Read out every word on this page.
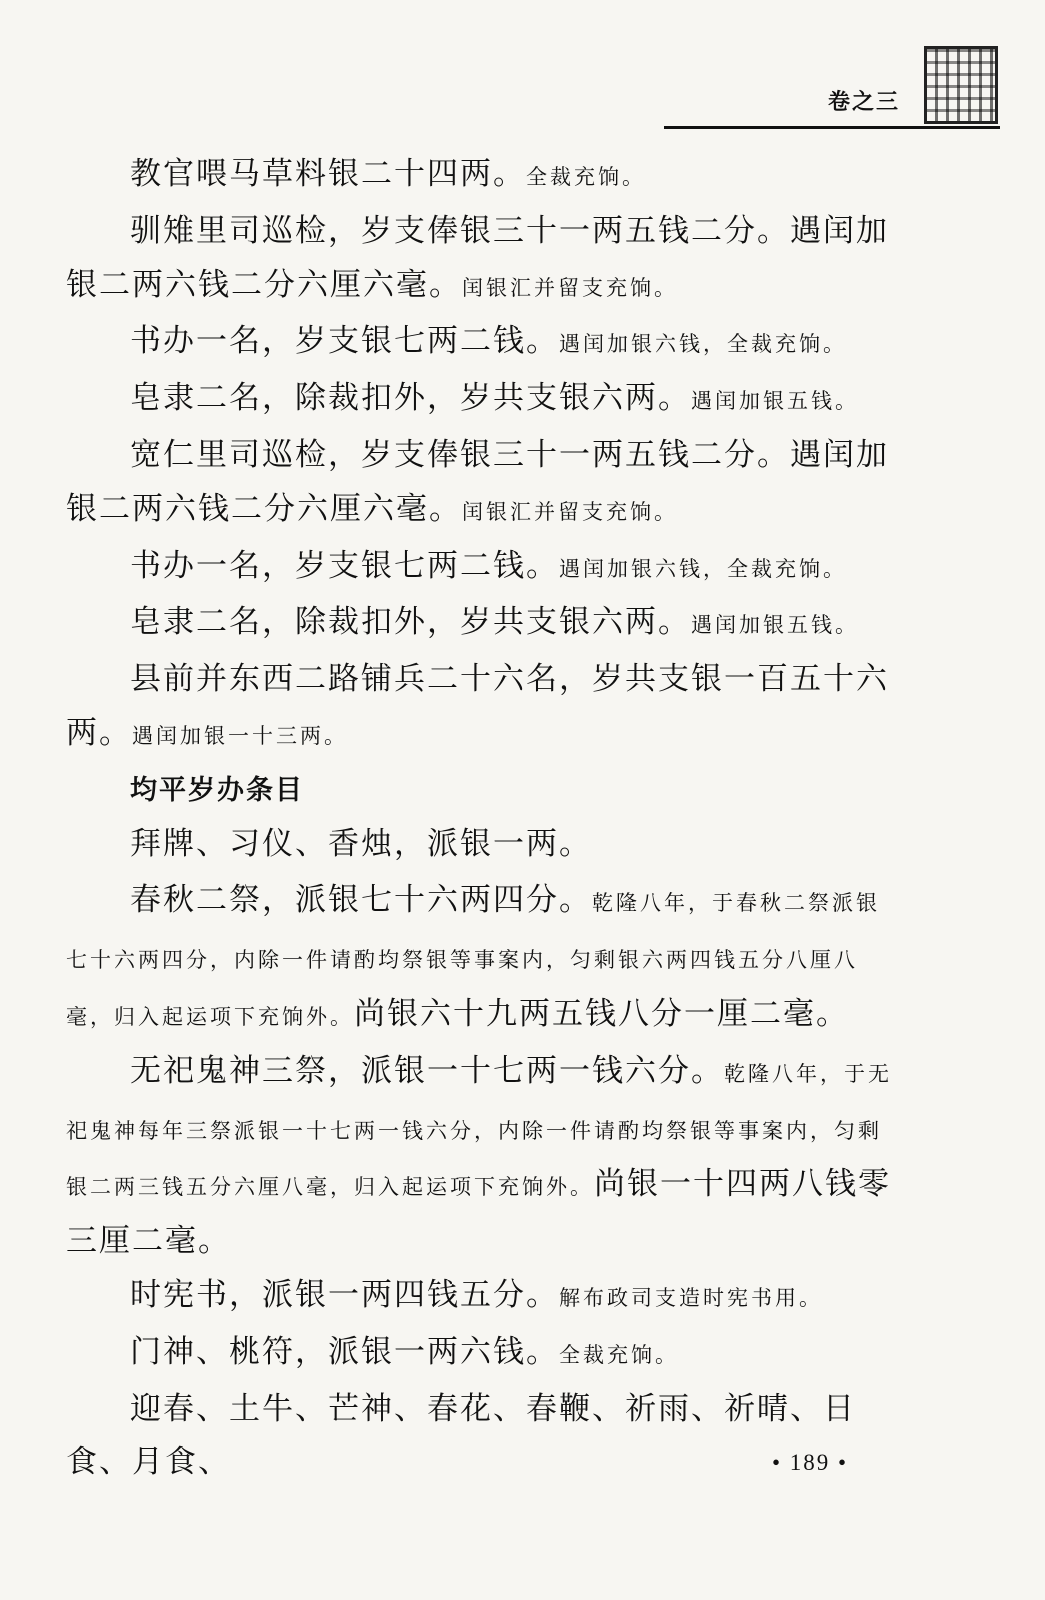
卷之三

教官喂马草料银二十四两。全裁充饷。

驯雉里司巡检，岁支俸银三十一两五钱二分。遇闰加银二两六钱二分六厘六毫。闰银汇并留支充饷。

书办一名，岁支银七两二钱。遇闰加银六钱，全裁充饷。

皂隶二名，除裁扣外，岁共支银六两。遇闰加银五钱。

宽仁里司巡检，岁支俸银三十一两五钱二分。遇闰加银二两六钱二分六厘六毫。闰银汇并留支充饷。

书办一名，岁支银七两二钱。遇闰加银六钱，全裁充饷。

皂隶二名，除裁扣外，岁共支银六两。遇闰加银五钱。

县前并东西二路铺兵二十六名，岁共支银一百五十六两。遇闰加银一十三两。

均平岁办条目

拜牌、习仪、香烛，派银一两。

春秋二祭，派银七十六两四分。乾隆八年，于春秋二祭派银七十六两四分，内除一件请酌均祭银等事案内，匀剩银六两四钱五分八厘八毫，归入起运项下充饷外。尚银六十九两五钱八分一厘二毫。

无祀鬼神三祭，派银一十七两一钱六分。乾隆八年，于无祀鬼神每年三祭派银一十七两一钱六分，内除一件请酌均祭银等事案内，匀剩银二两三钱五分六厘八毫，归入起运项下充饷外。尚银一十四两八钱零三厘二毫。

时宪书，派银一两四钱五分。解布政司支造时宪书用。

门神、桃符，派银一两六钱。全裁充饷。

迎春、土牛、芒神、春花、春鞭、祈雨、祈晴、日食、月食、	• 189 •
